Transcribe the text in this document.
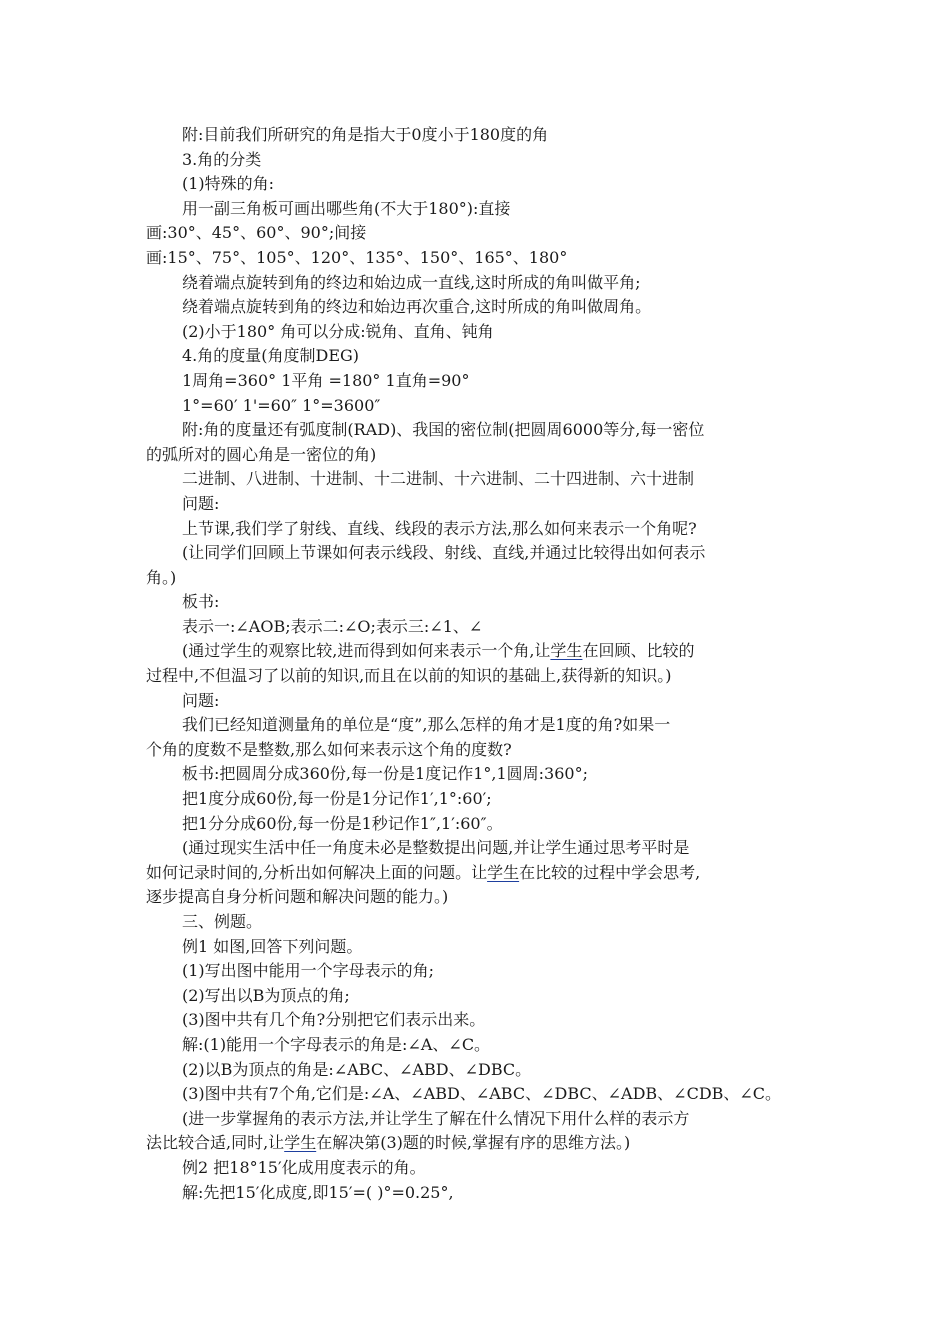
附:目前我们所研究的角是指大于0度小于180度的角
3.角的分类
(1)特殊的角:
用一副三角板可画出哪些角(不大于180°):直接
画:30°、45°、60°、90°;间接
画:15°、75°、105°、120°、135°、150°、165°、180°
绕着端点旋转到角的终边和始边成一直线,这时所成的角叫做平角;
绕着端点旋转到角的终边和始边再次重合,这时所成的角叫做周角。
(2)小于180° 角可以分成:锐角、直角、钝角
4.角的度量(角度制DEG)
1周角=360° 1平角 =180° 1直角=90°
1°=60′ 1'=60″ 1°=3600″
附:角的度量还有弧度制(RAD)、我国的密位制(把圆周6000等分,每一密位
的弧所对的圆心角是一密位的角)
二进制、八进制、十进制、十二进制、十六进制、二十四进制、六十进制
问题:
上节课,我们学了射线、直线、线段的表示方法,那么如何来表示一个角呢?
(让同学们回顾上节课如何表示线段、射线、直线,并通过比较得出如何表示
角。)
板书:
表示一:∠AOB;表示二:∠O;表示三:∠1、∠
(通过学生的观察比较,进而得到如何来表示一个角,让学生在回顾、比较的
过程中,不但温习了以前的知识,而且在以前的知识的基础上,获得新的知识。)
问题:
我们已经知道测量角的单位是“度”,那么怎样的角才是1度的角?如果一
个角的度数不是整数,那么如何来表示这个角的度数?
板书:把圆周分成360份,每一份是1度记作1°,1圆周:360°;
把1度分成60份,每一份是1分记作1′,1°:60′;
把1分分成60份,每一份是1秒记作1″,1′:60″。
(通过现实生活中任一角度未必是整数提出问题,并让学生通过思考平时是
如何记录时间的,分析出如何解决上面的问题。让学生在比较的过程中学会思考,
逐步提高自身分析问题和解决问题的能力。)
三、例题。
例1 如图,回答下列问题。
(1)写出图中能用一个字母表示的角;
(2)写出以B为顶点的角;
(3)图中共有几个角?分别把它们表示出来。
解:(1)能用一个字母表示的角是:∠A、∠C。
(2)以B为顶点的角是:∠ABC、∠ABD、∠DBC。
(3)图中共有7个角,它们是:∠A、∠ABD、∠ABC、∠DBC、∠ADB、∠CDB、∠C。
(进一步掌握角的表示方法,并让学生了解在什么情况下用什么样的表示方
法比较合适,同时,让学生在解决第(3)题的时候,掌握有序的思维方法。)
例2 把18°15′化成用度表示的角。
解:先把15′化成度,即15′=( )°=0.25°,
